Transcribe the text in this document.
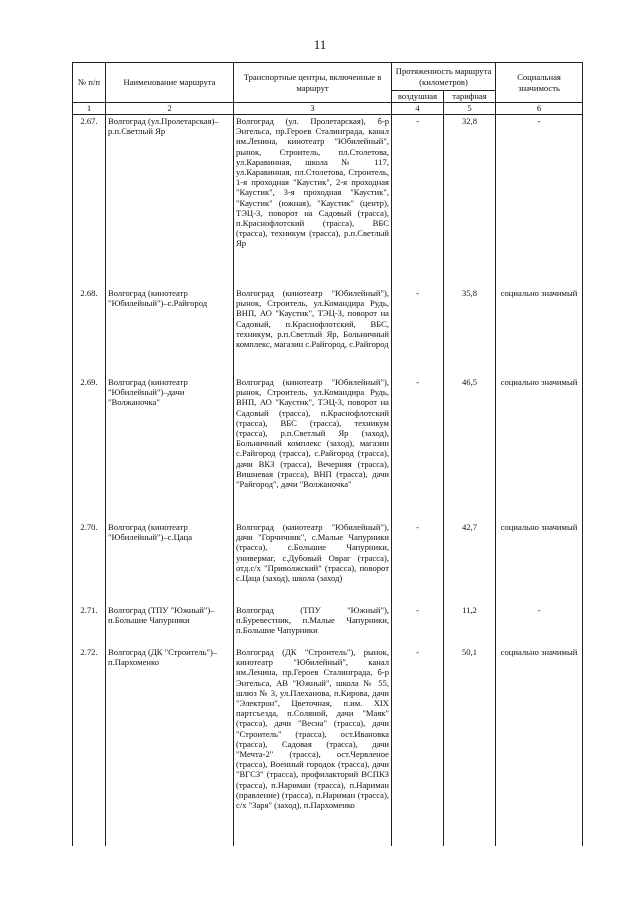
11
№ п/п	Наименование маршрута	Транспортные центры, включенные в маршрут	Протяженность маршрута (километров)		Социальная значимость
			воздушная	тарифная	
1	2	3	4	5	6

2.67.	Волгоград (ул.Пролетарская)–р.п.Светлый Яр	Волгоград (ул. Пролетарская), б-р Энгельса, пр.Героев Сталинграда, канал им.Ленина, кинотеатр "Юбилейный", рынок, Строитель, пл.Столетова, ул.Каравинная, школа № 117, ул.Каравинная, пл.Столетова, Строитель, 1-я проходная "Каустик", 2-я проходная "Каустик", 3-я проходная "Каустик", "Каустик" (южная), "Каустик" (центр), ТЭЦ-3, поворот на Садовый (трасса), п.Краснофлотский (трасса), ВБС (трасса), техникум (трасса), р.п.Светлый Яр	-	32,8	-

2.68.	Волгоград (кинотеатр "Юбилейный")–с.Райгород	Волгоград (кинотеатр "Юбилейный"), рынок, Строитель, ул.Командира Рудь, ВНП, АО "Каустик", ТЭЦ-3, поворот на Садовый, п.Краснофлотский, ВБС, техникум, р.п.Светлый Яр, Больничный комплекс, магазин с.Райгород, с.Райгород	-	35,8	социально значимый

2.69.	Волгоград (кинотеатр "Юбилейный")–дачи "Волжаночка"	Волгоград (кинотеатр "Юбилейный"), рынок, Строитель, ул.Командира Рудь, ВНП, АО "Каустик", ТЭЦ-3, поворот на Садовый (трасса), п.Краснофлотский (трасса), ВБС (трасса), техникум (трасса), р.п.Светлый Яр (заход), Больничный комплекс (заход), магазин с.Райгород (трасса), с.Райгород (трасса), дачи ВКЗ (трасса), Вечерняя (трасса), Вишневая (трасса), ВНП (трасса), дачи "Райгород", дачи "Волжаночка"	-	46,5	социально значимый

2.70.	Волгоград (кинотеатр "Юбилейный")–с.Цаца	Волгоград (кинотеатр "Юбилейный"), дачи "Горчичник", с.Малые Чапурники (трасса), с.Большие Чапурники, универмаг, с.Дубовый Овраг (трасса), отд.с/х "Приволжский" (трасса), поворот с.Цаца (заход), школа (заход)	-	42,7	социально значимый

2.71.	Волгоград (ТПУ "Южный")–п.Большие Чапурники	Волгоград (ТПУ "Южный"), п.Буревестник, п.Малые Чапурники, п.Большие Чапурники	-	11,2	-

2.72.	Волгоград (ДК "Строитель")–п.Пархоменко	Волгоград (ДК "Строитель"), рынок, кинотеатр "Юбилейный", канал им.Ленина, пр.Героев Сталинграда, б-р Энгельса, АВ "Южный", школа № 55, шлюз № 3, ул.Плеханова, п.Кирова, дачи "Электрон", Цветочная, п.им. XIX партсъезда, п.Соляной, дачи "Маяк" (трасса), дачи "Весна" (трасса), дачи "Строитель" (трасса), ост.Ивановка (трасса), Садовая (трасса), дачи "Мечта-2" (трасса), ост.Червленое (трасса), Военный городок (трасса), дачи "ВГСЗ" (трасса), профилакторий ВСПКЗ (трасса), п.Нариман (трасса), п.Нариман (правление) (трасса), п.Нариман (трасса), с/х "Заря" (заход), п.Пархоменко	-	50,1	социально значимый
